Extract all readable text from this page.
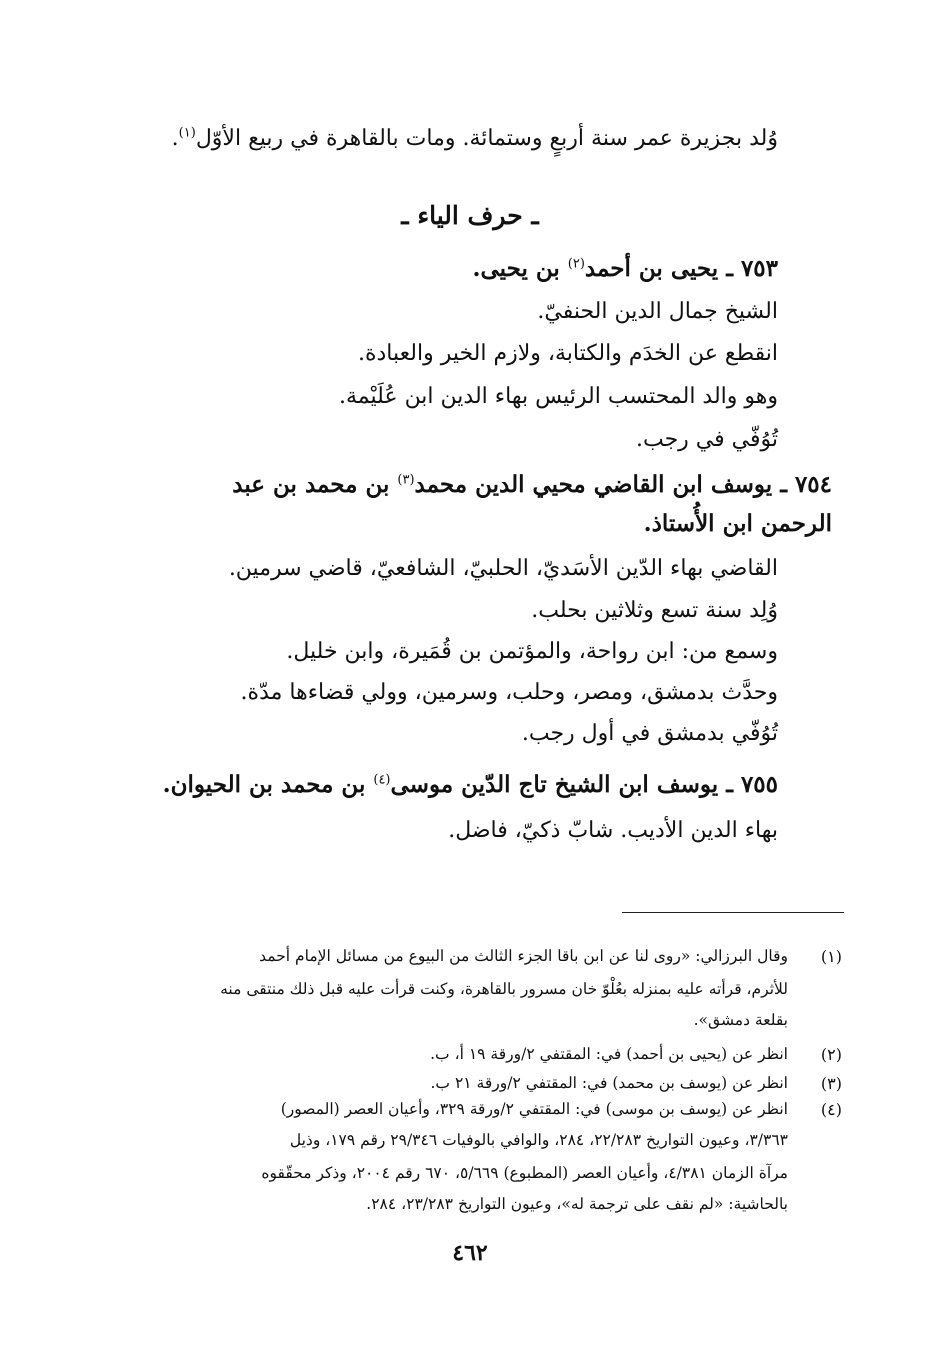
وُلد بجزيرة عمر سنة أربعٍ وستمائة. ومات بالقاهرة في ربيع الأوّل$^{(١)}$.
ـ حرف الياء ـ
٧٥٣ ـ يحيى بن أحمد$^{(٢)}$ بن يحيى.
الشيخ جمال الدين الحنفيّ.
انقطع عن الخدَم والكتابة، ولازم الخير والعبادة.
وهو والد المحتسب الرئيس بهاء الدين ابن عُلَيْمة.
تُوُفّي في رجب.
٧٥٤ ـ يوسف ابن القاضي محيي الدين محمد$^{(٣)}$ بن محمد بن عبد
الرحمن ابن الأُستاذ.
القاضي بهاء الدّين الأسَديّ، الحلبيّ، الشافعيّ، قاضي سرمين.
وُلِد سنة تسع وثلاثين بحلب.
وسمع من: ابن رواحة، والمؤتمن بن قُمَيرة، وابن خليل.
وحدَّث بدمشق، ومصر، وحلب، وسرمين، وولي قضاءها مدّة.
تُوُفّي بدمشق في أول رجب.
٧٥٥ ـ يوسف ابن الشيخ تاج الدّين موسى$^{(٤)}$ بن محمد بن الحيوان.
بهاء الدين الأديب. شابّ ذكيّ، فاضل.
(١)
وقال البرزالي: «روى لنا عن ابن باقا الجزء الثالث من البيوع من مسائل الإمام أحمد
للأثرم، قرأته عليه بمنزله بعُلْوّ خان مسرور بالقاهرة، وكنت قرأت عليه قبل ذلك منتقى منه
بقلعة دمشق».
(٢)
انظر عن (يحيى بن أحمد) في: المقتفي ٢/ورقة ١٩ أ، ب.
(٣)
انظر عن (يوسف بن محمد) في: المقتفي ٢/ورقة ٢١ ب.
(٤)
انظر عن (يوسف بن موسى) في: المقتفي ٢/ورقة ٣٢٩، وأعيان العصر (المصور)
٣/٣٦٣، وعيون التواريخ ٢٢/٢٨٣، ٢٨٤، والوافي بالوفيات ٢٩/٣٤٦ رقم ١٧٩، وذيل
مرآة الزمان ٤/٣٨١، وأعيان العصر (المطبوع) ٥/٦٦٩، ٦٧٠ رقم ٢٠٠٤، وذكر محقّقوه
بالحاشية: «لم نقف على ترجمة له»، وعيون التواريخ ٢٣/٢٨٣، ٢٨٤.
٤٦٢
